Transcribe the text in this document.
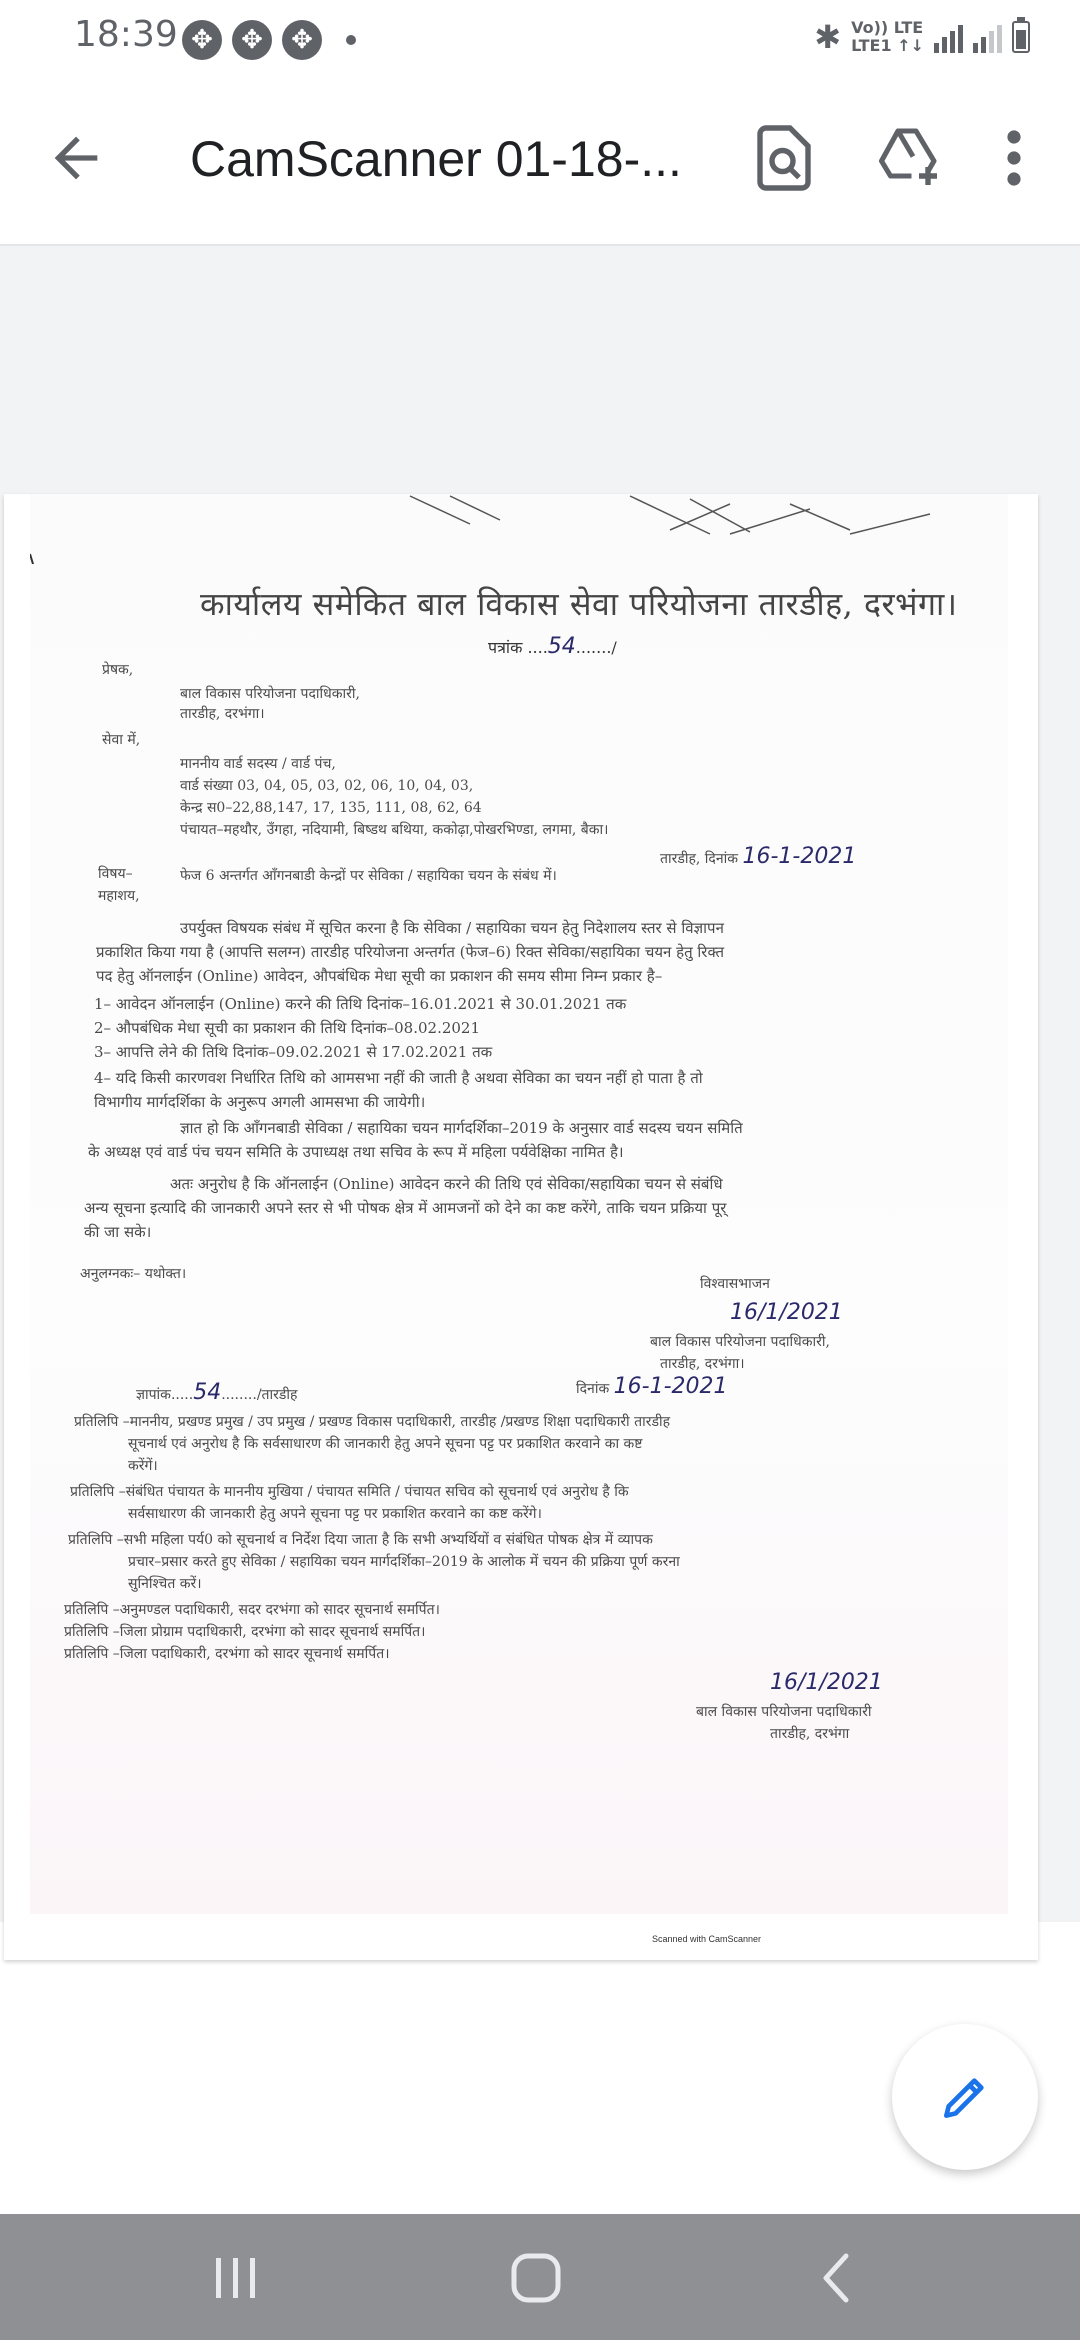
18:39 ✥	✥	✥	✱ Vo)) LTE
LTE1 ↑↓
CamScanner 01-18-...
कार्यालय समेकित बाल विकास सेवा परियोजना तारडीह, दरभंगा।
पत्रांक ....54......./
प्रेषक,
बाल विकास परियोजना पदाधिकारी,
तारडीह, दरभंगा।
सेवा में,
माननीय वार्ड सदस्य / वार्ड पंच,
वार्ड संख्या 03, 04, 05, 03, 02, 06, 10, 04, 03,
केन्द्र स0–22,88,147, 17, 135, 111, 08, 62, 64
पंचायत–महथौर, उँगहा, नदियामी, बिष्डथ बथिया, ककोढ़ा,पोखरभिण्डा, लगमा, बैका।
तारडीह, दिनांक 16-1-2021
विषय–	फेज 6 अन्तर्गत आँगनबाडी केन्द्रों पर सेविका / सहायिका चयन के संबंध में।
महाशय,
उपर्युक्त विषयक संबंध में सूचित करना है कि सेविका / सहायिका चयन हेतु निदेशालय स्तर से विज्ञापन
प्रकाशित किया गया है (आपत्ति सलग्न) तारडीह परियोजना अन्तर्गत (फेज–6) रिक्त सेविका/सहायिका चयन हेतु रिक्त
पद हेतु ऑनलाईन (Online) आवेदन, औपबंधिक मेधा सूची का प्रकाशन की समय सीमा निम्न प्रकार है–
1– आवेदन ऑनलाईन (Online) करने की तिथि दिनांक–16.01.2021 से 30.01.2021 तक
2– औपबंधिक मेधा सूची का प्रकाशन की तिथि दिनांक–08.02.2021
3– आपत्ति लेने की तिथि दिनांक–09.02.2021 से 17.02.2021 तक
4– यदि किसी कारणवश निर्धारित तिथि को आमसभा नहीं की जाती है अथवा सेविका का चयन नहीं हो पाता है तो
विभागीय मार्गदर्शिका के अनुरूप अगली आमसभा की जायेगी।
ज्ञात हो कि आँगनबाडी सेविका / सहायिका चयन मार्गदर्शिका–2019 के अनुसार वार्ड सदस्य चयन समिति
के अध्यक्ष एवं वार्ड पंच चयन समिति के उपाध्यक्ष तथा सचिव के रूप में महिला पर्यवेक्षिका नामित है।
अतः अनुरोध है कि ऑनलाईन (Online) आवेदन करने की तिथि एवं सेविका/सहायिका चयन से संबंधि
अन्य सूचना इत्यादि की जानकारी अपने स्तर से भी पोषक क्षेत्र में आमजनों को देने का कष्ट करेंगे, ताकि चयन प्रक्रिया पूर्
की जा सके।
अनुलग्नकः– यथोक्त।
विश्वासभाजन
16/1/2021
बाल विकास परियोजना पदाधिकारी,
तारडीह, दरभंगा।
ज्ञापांक.....54......../तारडीह	दिनांक 16-1-2021
प्रतिलिपि –माननीय, प्रखण्ड प्रमुख / उप प्रमुख / प्रखण्ड विकास पदाधिकारी, तारडीह /प्रखण्ड शिक्षा पदाधिकारी तारडीह
सूचनार्थ एवं अनुरोध है कि सर्वसाधारण की जानकारी हेतु अपने सूचना पट्ट पर प्रकाशित करवाने का कष्ट
करेंगें।
प्रतिलिपि –संबंधित पंचायत के माननीय मुखिया / पंचायत समिति / पंचायत सचिव को सूचनार्थ एवं अनुरोध है कि
सर्वसाधारण की जानकारी हेतु अपने सूचना पट्ट पर प्रकाशित करवाने का कष्ट करेंगे।
प्रतिलिपि –सभी महिला पर्य0 को सूचनार्थ व निर्देश दिया जाता है कि सभी अभ्यर्थियों व संबंधित पोषक क्षेत्र में व्यापक
प्रचार–प्रसार करते हुए सेविका / सहायिका चयन मार्गदर्शिका–2019 के आलोक में चयन की प्रक्रिया पूर्ण करना
सुनिश्चित करें।
प्रतिलिपि –अनुमण्डल पदाधिकारी, सदर दरभंगा को सादर सूचनार्थ समर्पित।
प्रतिलिपि –जिला प्रोग्राम पदाधिकारी, दरभंगा को सादर सूचनार्थ समर्पित।
प्रतिलिपि –जिला पदाधिकारी, दरभंगा को सादर सूचनार्थ समर्पित।
16/1/2021
बाल विकास परियोजना पदाधिकारी
तारडीह, दरभंगा
Scanned with CamScanner
